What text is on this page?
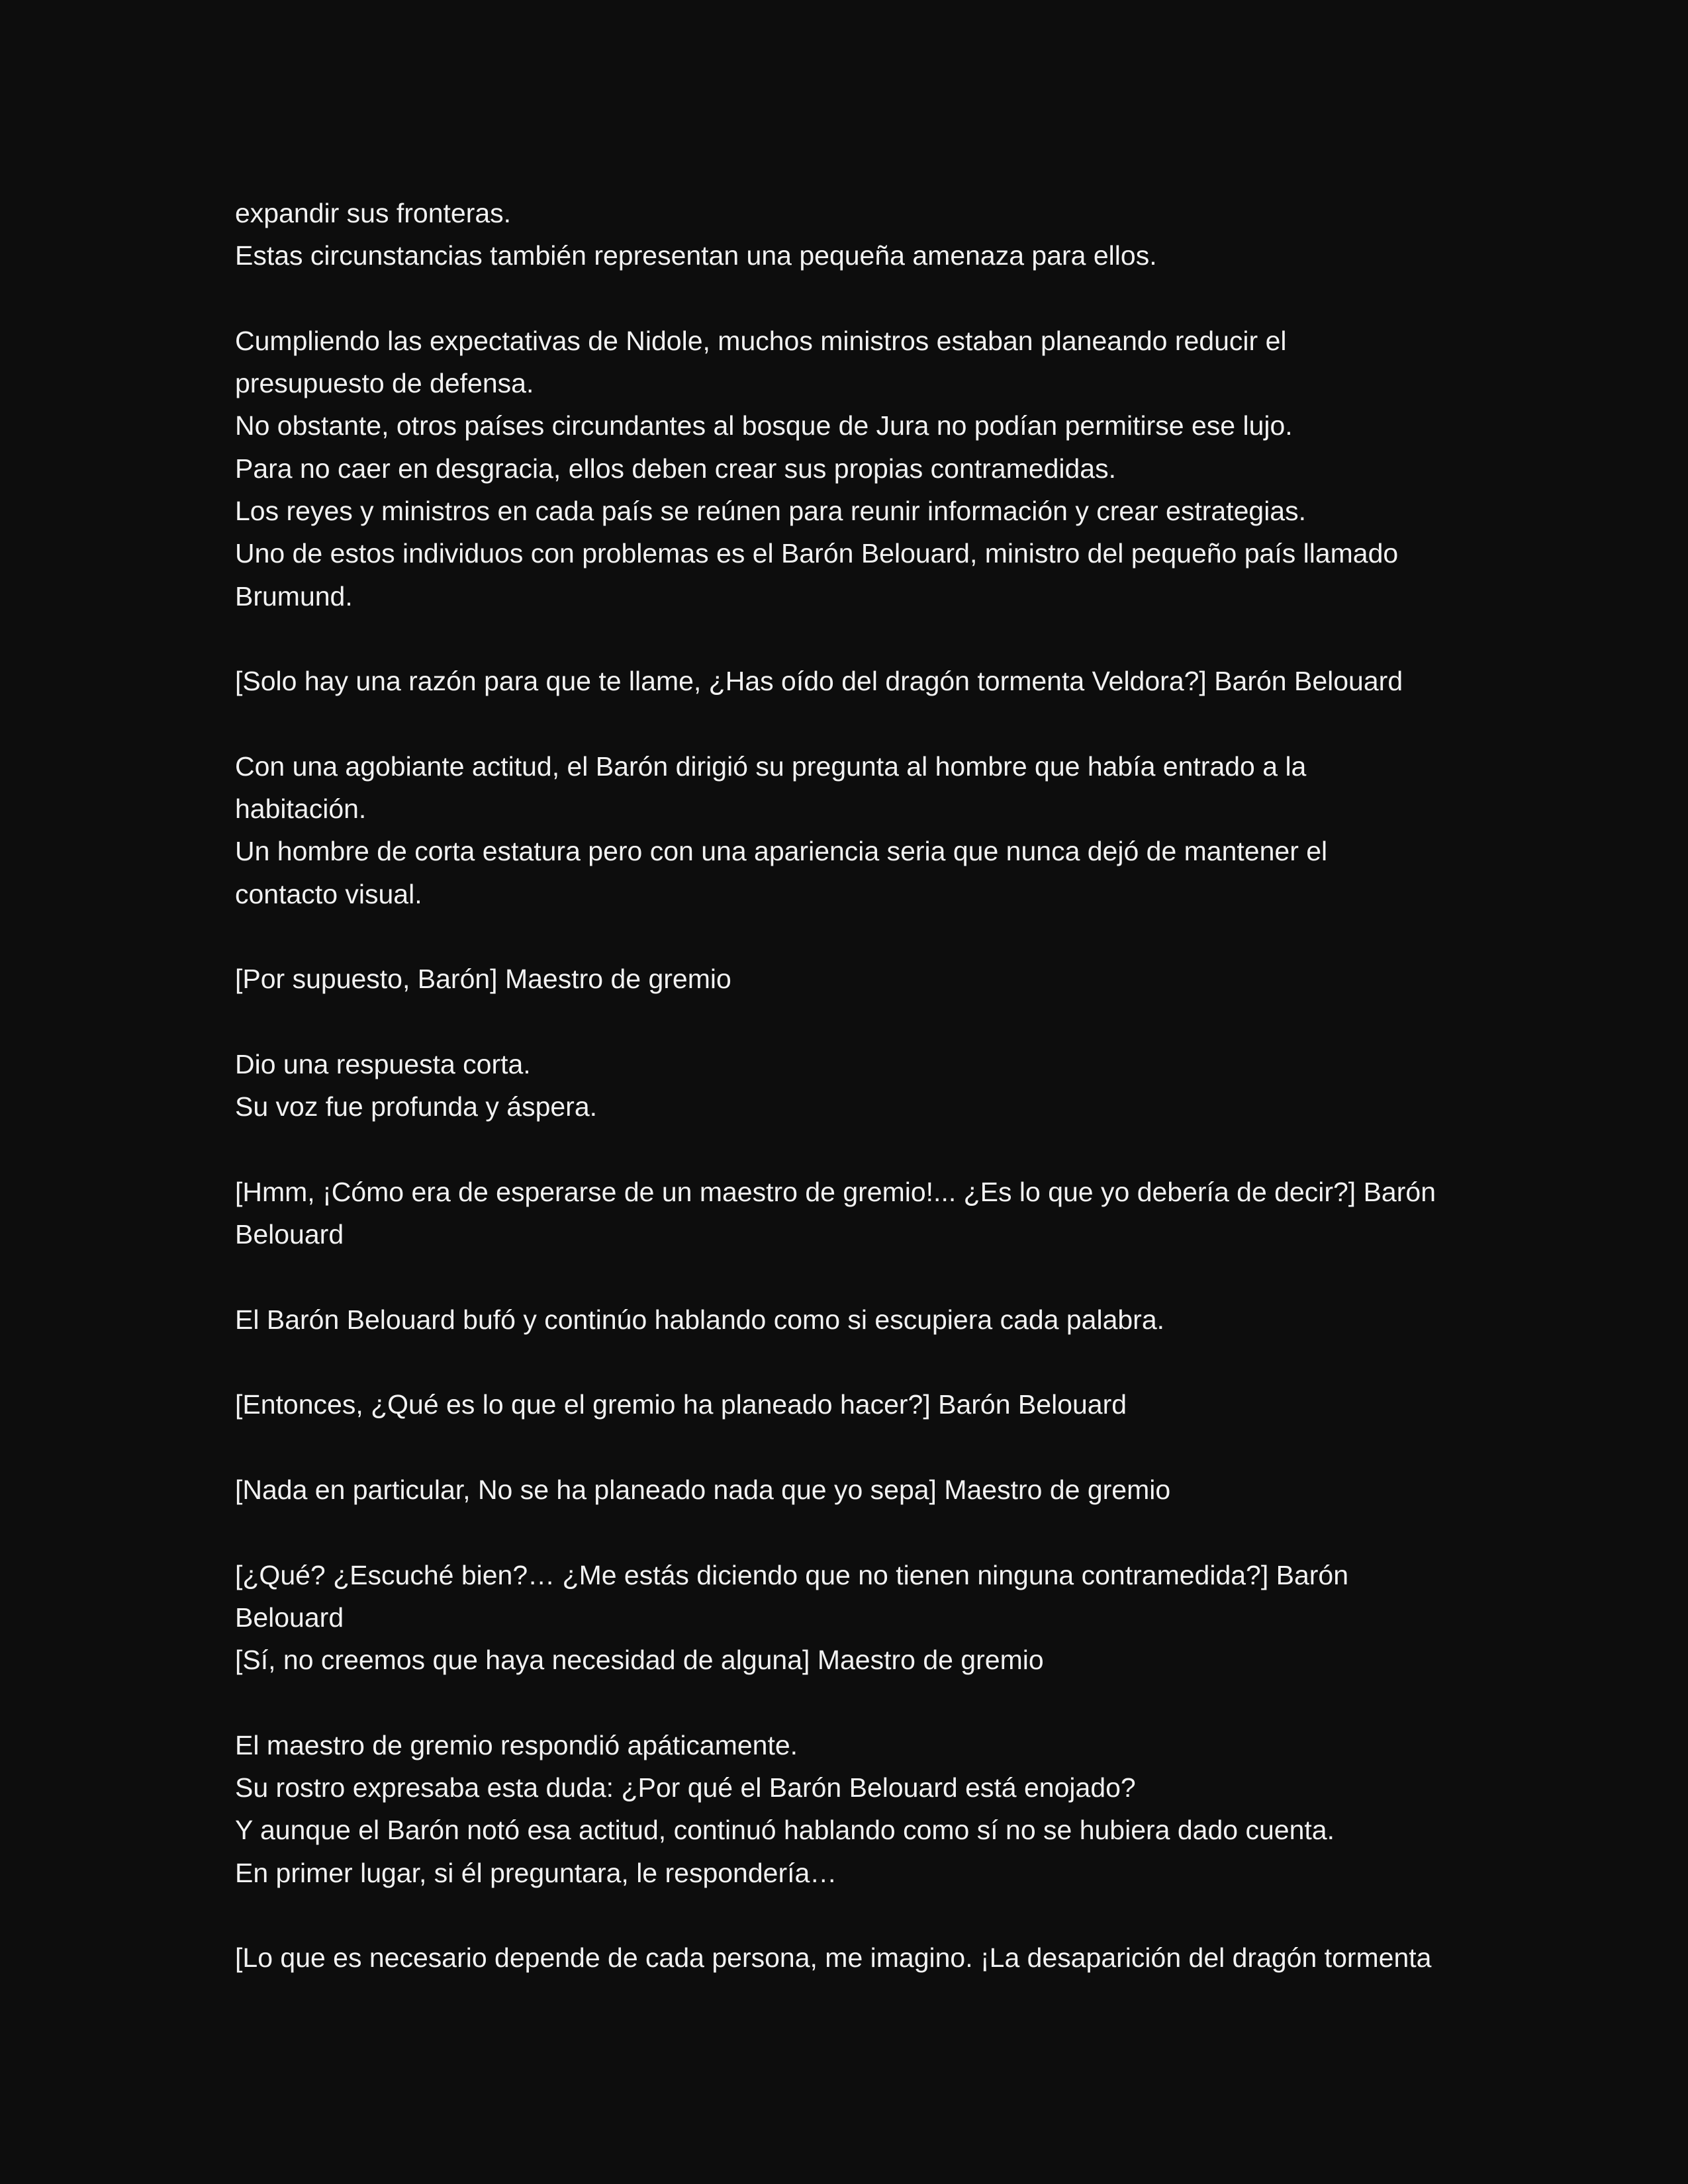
expandir sus fronteras.
Estas circunstancias también representan una pequeña amenaza para ellos.
Cumpliendo las expectativas de Nidole, muchos ministros estaban planeando reducir el
presupuesto de defensa.
No obstante, otros países circundantes al bosque de Jura no podían permitirse ese lujo.
Para no caer en desgracia, ellos deben crear sus propias contramedidas.
Los reyes y ministros en cada país se reúnen para reunir información y crear estrategias.
Uno de estos individuos con problemas es el Barón Belouard, ministro del pequeño país llamado
Brumund.
[Solo hay una razón para que te llame, ¿Has oído del dragón tormenta Veldora?] Barón Belouard
Con una agobiante actitud, el Barón dirigió su pregunta al hombre que había entrado a la
habitación.
Un hombre de corta estatura pero con una apariencia seria que nunca dejó de mantener el
contacto visual.
[Por supuesto, Barón] Maestro de gremio
Dio una respuesta corta.
Su voz fue profunda y áspera.
[Hmm, ¡Cómo era de esperarse de un maestro de gremio!... ¿Es lo que yo debería de decir?] Barón
Belouard
El Barón Belouard bufó y continúo hablando como si escupiera cada palabra.
[Entonces, ¿Qué es lo que el gremio ha planeado hacer?] Barón Belouard
[Nada en particular, No se ha planeado nada que yo sepa] Maestro de gremio
[¿Qué? ¿Escuché bien?… ¿Me estás diciendo que no tienen ninguna contramedida?] Barón
Belouard
[Sí, no creemos que haya necesidad de alguna] Maestro de gremio
El maestro de gremio respondió apáticamente.
Su rostro expresaba esta duda: ¿Por qué el Barón Belouard está enojado?
Y aunque el Barón notó esa actitud, continuó hablando como sí no se hubiera dado cuenta.
En primer lugar, si él preguntara, le respondería…
[Lo que es necesario depende de cada persona, me imagino. ¡La desaparición del dragón tormenta
